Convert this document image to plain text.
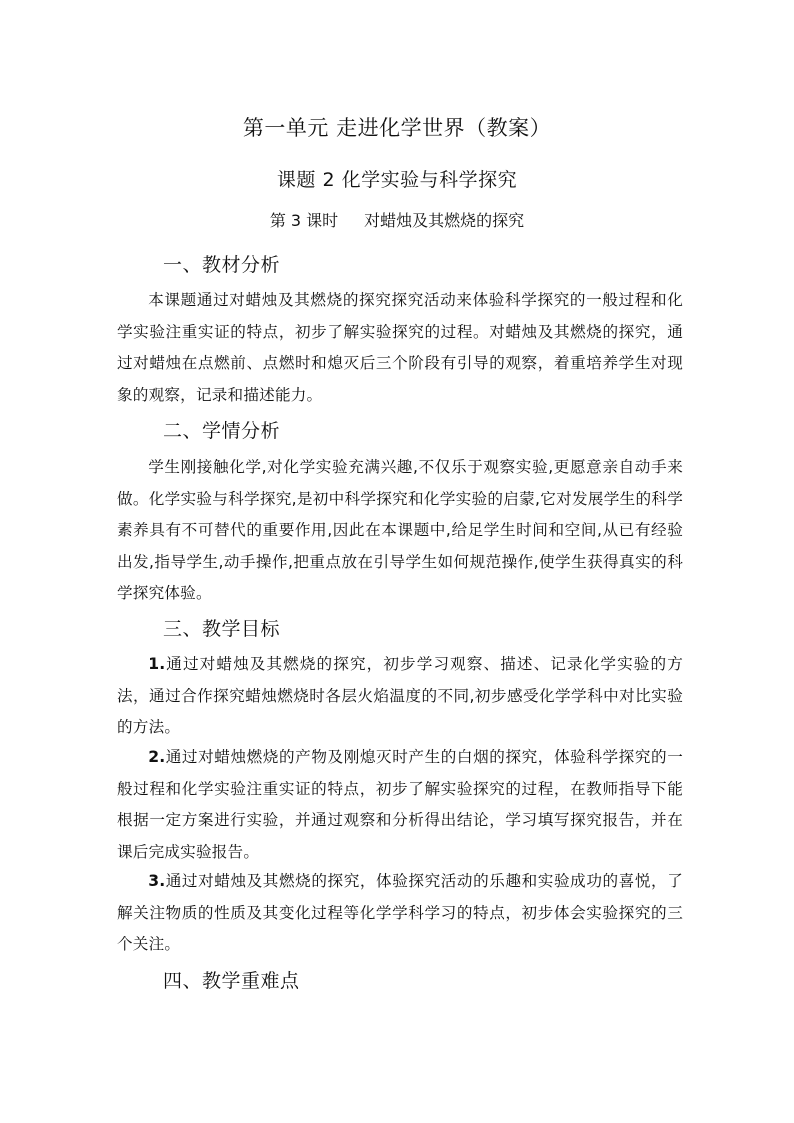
第一单元 走进化学世界（教案）
课题 2 化学实验与科学探究
第 3 课时 对蜡烛及其燃烧的探究
一、教材分析

本课题通过对蜡烛及其燃烧的探究探究活动来体验科学探究的一般过程和化学实验注重实证的特点，初步了解实验探究的过程。对蜡烛及其燃烧的探究，通过对蜡烛在点燃前、点燃时和熄灭后三个阶段有引导的观察，着重培养学生对现象的观察，记录和描述能力。

二、学情分析

学生刚接触化学,对化学实验充满兴趣,不仅乐于观察实验,更愿意亲自动手来做。化学实验与科学探究,是初中科学探究和化学实验的启蒙,它对发展学生的科学素养具有不可替代的重要作用,因此在本课题中,给足学生时间和空间,从已有经验出发,指导学生,动手操作,把重点放在引导学生如何规范操作,使学生获得真实的科学探究体验。

三、教学目标

1.通过对蜡烛及其燃烧的探究，初步学习观察、描述、记录化学实验的方法，通过合作探究蜡烛燃烧时各层火焰温度的不同,初步感受化学学科中对比实验的方法。

2.通过对蜡烛燃烧的产物及刚熄灭时产生的白烟的探究，体验科学探究的一般过程和化学实验注重实证的特点，初步了解实验探究的过程，在教师指导下能根据一定方案进行实验，并通过观察和分析得出结论，学习填写探究报告，并在课后完成实验报告。

3.通过对蜡烛及其燃烧的探究，体验探究活动的乐趣和实验成功的喜悦，了解关注物质的性质及其变化过程等化学学科学习的特点，初步体会实验探究的三个关注。

四、教学重难点
